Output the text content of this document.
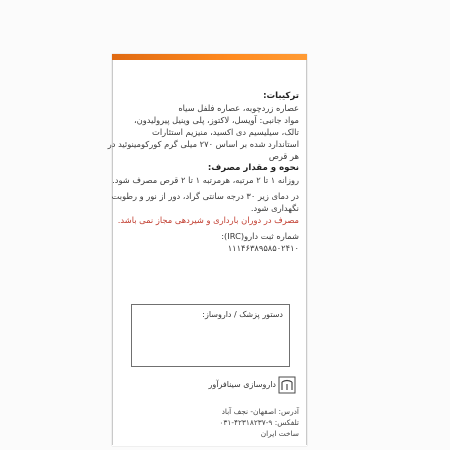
ترکیبات:
عصاره زردچوبه، عصاره فلفل سیاه
مواد جانبی: آویسل، لاکتوز، پلی وینیل پیرولیدون،
تالک، سیلیسیم دی اکسید، منیزیم استئارات
استاندارد شده بر اساس ۲۷۰ میلی گرم کورکومینوئید در
هر قرص
نحوه و مقدار مصرف:
روزانه ۱ تا ۲ مرتبه، هرمرتبه ۱ تا ۲ قرص مصرف شود.
در دمای زیر ۳۰ درجه سانتی گراد، دور از نور و رطوبت
نگهداری شود.
مصرف در دوران بارداری و شیردهی مجاز نمی باشد.
شماره ثبت دارو(IRC):
۱۱۱۴۶۳۸۹۵۸۵۰۲۴۱۰
دستور پزشک / داروساز:
داروسازی سینافرآور
آدرس: اصفهان- نجف آباد
تلفکس: ۹-۴۲۳۱۸۲۳۷-۰۳۱
ساخت ایران
